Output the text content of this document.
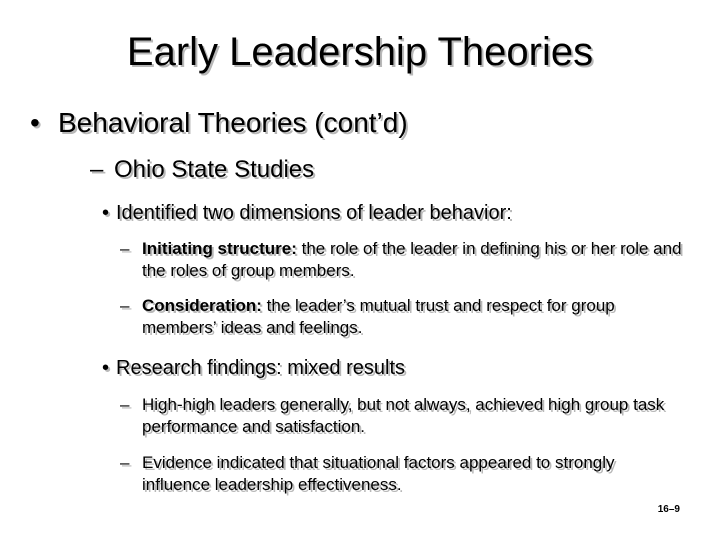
Early Leadership Theories
• Behavioral Theories (cont’d)
– Ohio State Studies
• Identified two dimensions of leader behavior:
– Initiating structure: the role of the leader in defining his or her role and the roles of group members.
– Consideration: the leader’s mutual trust and respect for group members’ ideas and feelings.
• Research findings: mixed results
– High-high leaders generally, but not always, achieved high group task performance and satisfaction.
– Evidence indicated that situational factors appeared to strongly influence leadership effectiveness.
16–9
